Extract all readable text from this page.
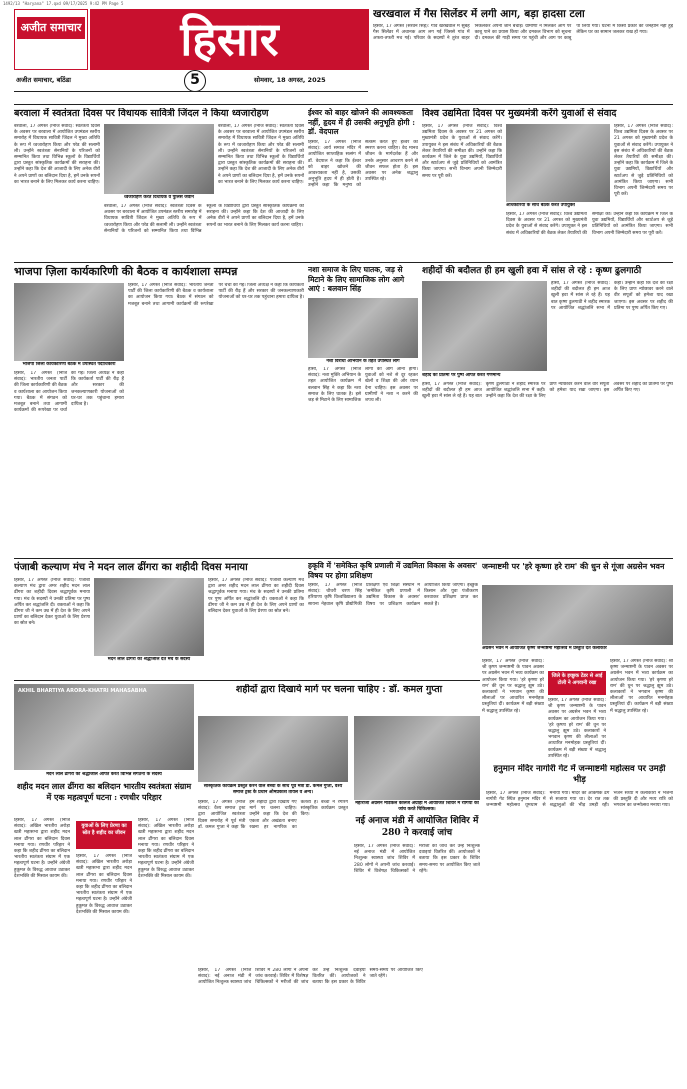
1492/13 "Haryana" 17.qxd 09/17/2025 9:42 PM Page 5
अजीत समाचार	हिसार
अजीत समाचार, बठिंडा	5	सोमवार, 18 अगस्त, 2025
खरखवाल में गैस सिलेंडर में लगी आग, बड़ा हादसा टला
हिसार, 17 अगस्त (सरवन सिंह): गांव खरखवाल में सुबह गैस सिलेंडर में अचानक आग लग गई जिससे गांव में अफरा-तफरी मच गई। परिवार के सदस्यों ने तुरंत बाहर निकलकर अपनी जान बचाई। ग्रामीणों ने मिलकर आग पर काबू पाने का प्रयास किया और दमकल विभाग को सूचना दी। दमकल की गाड़ी समय पर पहुंची और आग पर काबू पा लिया गया। घटना में किसी प्रकार की जनहानि नहीं हुई लेकिन घर का सामान जलकर राख हो गया।
बरवाला में स्वतंत्रता दिवस पर विधायक सावित्री जिंदल ने किया ध्वजारोहण
बरवाला, 17 अगस्त (निजि संवाद): स्वतंत्रता दिवस के अवसर पर बरवाला में आयोजित उपमंडल स्तरीय समारोह में विधायक सावित्री जिंदल ने मुख्य अतिथि के रूप में ध्वजारोहण किया और परेड की सलामी ली। उन्होंने स्वतंत्रता सेनानियों के परिजनों को सम्मानित किया तथा विभिन्न स्कूलों के विद्यार्थियों द्वारा प्रस्तुत सांस्कृतिक कार्यक्रमों की सराहना की। उन्होंने कहा कि देश की आजादी के लिए अनेक वीरों ने अपने प्राणों का बलिदान दिया है, हमें उनके सपनों का भारत बनाने के लिए मिलकर कार्य करना चाहिए।
ध्वजारोहण करते विधायक व पुलिस जवान
बरवाला, 17 अगस्त (निजि संवाद): स्वतंत्रता दिवस के अवसर पर बरवाला में आयोजित उपमंडल स्तरीय समारोह में विधायक सावित्री जिंदल ने मुख्य अतिथि के रूप में ध्वजारोहण किया और परेड की सलामी ली। उन्होंने स्वतंत्रता सेनानियों के परिजनों को सम्मानित किया तथा विभिन्न स्कूलों के विद्यार्थियों द्वारा प्रस्तुत सांस्कृतिक कार्यक्रमों की सराहना की। उन्होंने कहा कि देश की आजादी के लिए अनेक वीरों ने अपने प्राणों का बलिदान दिया है, हमें उनके सपनों का भारत बनाने के लिए मिलकर कार्य करना चाहिए।
बरवाला, 17 अगस्त (निजि संवाद): स्वतंत्रता दिवस के अवसर पर बरवाला में आयोजित उपमंडल स्तरीय समारोह में विधायक सावित्री जिंदल ने मुख्य अतिथि के रूप में ध्वजारोहण किया और परेड की सलामी ली। उन्होंने स्वतंत्रता सेनानियों के परिजनों को सम्मानित किया तथा विभिन्न स्कूलों के विद्यार्थियों द्वारा प्रस्तुत सांस्कृतिक कार्यक्रमों की सराहना की। उन्होंने कहा कि देश की आजादी के लिए अनेक वीरों ने अपने प्राणों का बलिदान दिया है, हमें उनके सपनों का भारत बनाने के लिए मिलकर कार्य करना चाहिए।
ईश्वर को बाहर खोजने की आवश्यकता नहीं, हृदय में ही उसकी अनुभूति होगी : डॉ. वेदपाल
हिसार, 17 अगस्त (निजि संवाद): आर्य समाज मंदिर में आयोजित साप्ताहिक सत्संग में डॉ. वेदपाल ने कहा कि ईश्वर को बाहर खोजने की आवश्यकता नहीं है, उसकी अनुभूति हृदय में ही होती है। उन्होंने कहा कि मनुष्य को सत्कर्म करते हुए ईश्वर का स्मरण करना चाहिए। वेद मानव जीवन के मार्गदर्शक हैं और उनके अनुसार आचरण करने से जीवन सफल होता है। इस अवसर पर अनेक श्रद्धालु उपस्थित रहे।
विश्व उद्यमिता दिवस पर मुख्यमंत्री करेंगे युवाओं से संवाद
हिसार, 17 अगस्त (निजि संवाद): विश्व उद्यमिता दिवस के अवसर पर 21 अगस्त को मुख्यमंत्री प्रदेश के युवाओं से संवाद करेंगे। उपायुक्त ने इस संबंध में अधिकारियों की बैठक लेकर तैयारियों की समीक्षा की। उन्होंने कहा कि कार्यक्रम में जिले के युवा उद्यमियों, विद्यार्थियों और स्टार्टअप से जुड़े प्रतिनिधियों को आमंत्रित किया जाएगा। सभी विभाग अपनी जिम्मेदारी समय पर पूरी करें।
अधिकारियों के साथ बैठक करते उपायुक्त
हिसार, 17 अगस्त (निजि संवाद): विश्व उद्यमिता दिवस के अवसर पर 21 अगस्त को मुख्यमंत्री प्रदेश के युवाओं से संवाद करेंगे। उपायुक्त ने इस संबंध में अधिकारियों की बैठक लेकर तैयारियों की समीक्षा की। उन्होंने कहा कि कार्यक्रम में जिले के युवा उद्यमियों, विद्यार्थियों और स्टार्टअप से जुड़े प्रतिनिधियों को आमंत्रित किया जाएगा। सभी विभाग अपनी जिम्मेदारी समय पर पूरी करें।
हिसार, 17 अगस्त (निजि संवाद): विश्व उद्यमिता दिवस के अवसर पर 21 अगस्त को मुख्यमंत्री प्रदेश के युवाओं से संवाद करेंगे। उपायुक्त ने इस संबंध में अधिकारियों की बैठक लेकर तैयारियों की समीक्षा की। उन्होंने कहा कि कार्यक्रम में जिले के युवा उद्यमियों, विद्यार्थियों और स्टार्टअप से जुड़े प्रतिनिधियों को आमंत्रित किया जाएगा। सभी विभाग अपनी जिम्मेदारी समय पर पूरी करें।
भाजपा ज़िला कार्यकारिणी की बैठक व कार्यशाला सम्पन्न
भाजपा जिला कार्यकारिणी बैठक में उपस्थित पदाधिकारी
हिसार, 17 अगस्त (निजि संवाद): भारतीय जनता पार्टी की जिला कार्यकारिणी की बैठक व कार्यशाला का आयोजन किया गया। बैठक में संगठन को मजबूत बनाने तथा आगामी कार्यक्रमों की रूपरेखा पर चर्चा की गई। जिला अध्यक्ष ने कहा कि कार्यकर्ता पार्टी की रीढ़ हैं और सरकार की जनकल्याणकारी योजनाओं को घर-घर तक पहुंचाना हमारा दायित्व है।
हिसार, 17 अगस्त (निजि संवाद): भारतीय जनता पार्टी की जिला कार्यकारिणी की बैठक व कार्यशाला का आयोजन किया गया। बैठक में संगठन को मजबूत बनाने तथा आगामी कार्यक्रमों की रूपरेखा पर चर्चा की गई। जिला अध्यक्ष ने कहा कि कार्यकर्ता पार्टी की रीढ़ हैं और सरकार की जनकल्याणकारी योजनाओं को घर-घर तक पहुंचाना हमारा दायित्व है।
नशा समाज के लिए घातक, जड़ से मिटाने के लिए सामाजिक लोग आगे आएं : बलवान सिंह
नशा विरोधी अभियान के तहत उपस्थित लोग
हांसी, 17 अगस्त (निजि संवाद): नशा मुक्ति अभियान के तहत आयोजित कार्यक्रम में बलवान सिंह ने कहा कि नशा समाज के लिए घातक है। इसे जड़ से मिटाने के लिए सामाजिक लोगों को आगे आना होगा। युवाओं को नशे से दूर रहकर खेलों व शिक्षा की ओर ध्यान देना चाहिए। इस अवसर पर ग्रामीणों ने नशा न करने की शपथ ली।
शहीदों की बदौलत ही हम खुली हवा में सांस ले रहे : कृष्ण ढुलगाठी
शहीद की प्रतिमा पर पुष्प अर्पित करते गणमान्य
हांसी, 17 अगस्त (निजि संवाद): शहीदों की बदौलत ही हम आज खुली हवा में सांस ले रहे हैं। यह बात कृष्ण ढुलगाठी ने शहीद स्मारक पर आयोजित श्रद्धांजलि सभा में कही। उन्होंने कहा कि देश की रक्षा के लिए प्राण न्योछावर करने वाले वीर सपूतों को हमेशा याद रखा जाएगा। इस अवसर पर शहीद की प्रतिमा पर पुष्प अर्पित किए गए।
हांसी, 17 अगस्त (निजि संवाद): शहीदों की बदौलत ही हम आज खुली हवा में सांस ले रहे हैं। यह बात कृष्ण ढुलगाठी ने शहीद स्मारक पर आयोजित श्रद्धांजलि सभा में कही। उन्होंने कहा कि देश की रक्षा के लिए प्राण न्योछावर करने वाले वीर सपूतों को हमेशा याद रखा जाएगा। इस अवसर पर शहीद की प्रतिमा पर पुष्प अर्पित किए गए।
पंजाबी कल्याण मंच ने मदन लाल ढींगरा का शहीदी दिवस मनाया
हिसार, 17 अगस्त (निजि संवाद): पंजाबी कल्याण मंच द्वारा अमर शहीद मदन लाल ढींगरा का शहीदी दिवस श्रद्धापूर्वक मनाया गया। मंच के सदस्यों ने उनकी प्रतिमा पर पुष्प अर्पित कर श्रद्धांजलि दी। वक्ताओं ने कहा कि ढींगरा जी ने कम उम्र में ही देश के लिए अपने प्राणों का बलिदान देकर युवाओं के लिए प्रेरणा का स्रोत बने।
मदन लाल ढींगरा को श्रद्धांजलि देते मंच के सदस्य
हिसार, 17 अगस्त (निजि संवाद): पंजाबी कल्याण मंच द्वारा अमर शहीद मदन लाल ढींगरा का शहीदी दिवस श्रद्धापूर्वक मनाया गया। मंच के सदस्यों ने उनकी प्रतिमा पर पुष्प अर्पित कर श्रद्धांजलि दी। वक्ताओं ने कहा कि ढींगरा जी ने कम उम्र में ही देश के लिए अपने प्राणों का बलिदान देकर युवाओं के लिए प्रेरणा का स्रोत बने।
हकृवि में 'समेकित कृषि प्रणाली में उद्यमिता विकास के अवसर' विषय पर होगा प्रशिक्षण
हिसार, 17 अगस्त (निजि संवाद): चौधरी चरण सिंह हरियाणा कृषि विश्वविद्यालय के सायना नेहवाल कृषि प्रौद्योगिकी प्रशिक्षण एवं शिक्षा संस्थान में 'समेकित कृषि प्रणाली में उद्यमिता विकास के अवसर' विषय पर प्रशिक्षण कार्यक्रम आयोजित किया जाएगा। इच्छुक किसान और युवा पंजीकरण करवाकर प्रशिक्षण प्राप्त कर सकते हैं।
जन्माष्टमी पर 'हरे कृष्णा हरे राम' की धुन से गूंजा अग्रसेन भवन
अग्रसेन भवन में आयोजित कृष्ण जन्माष्टमी महोत्सव में प्रस्तुति देते कलाकार
जिले के इच्छुक टेंडर से आई टोली ने अगवानी रखा
हिसार, 17 अगस्त (निजि संवाद): श्री कृष्ण जन्माष्टमी के पावन अवसर पर अग्रसेन भवन में भव्य कार्यक्रम का आयोजन किया गया। 'हरे कृष्णा हरे राम' की धुन पर श्रद्धालु झूम उठे। कलाकारों ने भगवान कृष्ण की लीलाओं पर आधारित मनमोहक प्रस्तुतियां दीं। कार्यक्रम में बड़ी संख्या में श्रद्धालु उपस्थित रहे।
हिसार, 17 अगस्त (निजि संवाद): श्री कृष्ण जन्माष्टमी के पावन अवसर पर अग्रसेन भवन में भव्य कार्यक्रम का आयोजन किया गया। 'हरे कृष्णा हरे राम' की धुन पर श्रद्धालु झूम उठे। कलाकारों ने भगवान कृष्ण की लीलाओं पर आधारित मनमोहक प्रस्तुतियां दीं। कार्यक्रम में बड़ी संख्या में श्रद्धालु उपस्थित रहे।
हिसार, 17 अगस्त (निजि संवाद): श्री कृष्ण जन्माष्टमी के पावन अवसर पर अग्रसेन भवन में भव्य कार्यक्रम का आयोजन किया गया। 'हरे कृष्णा हरे राम' की धुन पर श्रद्धालु झूम उठे। कलाकारों ने भगवान कृष्ण की लीलाओं पर आधारित मनमोहक प्रस्तुतियां दीं। कार्यक्रम में बड़ी संख्या में श्रद्धालु उपस्थित रहे।
AKHIL BHARTIYA ARORA-KHATRI MAHASABHA
मदन लाल ढींगरा को श्रद्धांजलि अर्पित करते विभिन्न संगठनों के सदस्य
शहीद मदन लाल ढींगरा का बलिदान भारतीय स्वतंत्रता संग्राम में एक महत्वपूर्ण घटना : रणधीर परिहार
हिसार, 17 अगस्त (निजि संवाद): अखिल भारतीय अरोड़ा खत्री महासभा द्वारा शहीद मदन लाल ढींगरा का बलिदान दिवस मनाया गया। रणधीर परिहार ने कहा कि शहीद ढींगरा का बलिदान भारतीय स्वतंत्रता संग्राम में एक महत्वपूर्ण घटना है। उन्होंने अंग्रेजी हुकूमत के विरुद्ध आवाज उठाकर देशभक्ति की मिसाल कायम की।
युवाओं के लिए प्रेरणा का स्रोत है शहीद का जीवन
हिसार, 17 अगस्त (निजि संवाद): अखिल भारतीय अरोड़ा खत्री महासभा द्वारा शहीद मदन लाल ढींगरा का बलिदान दिवस मनाया गया। रणधीर परिहार ने कहा कि शहीद ढींगरा का बलिदान भारतीय स्वतंत्रता संग्राम में एक महत्वपूर्ण घटना है। उन्होंने अंग्रेजी हुकूमत के विरुद्ध आवाज उठाकर देशभक्ति की मिसाल कायम की।
हिसार, 17 अगस्त (निजि संवाद): अखिल भारतीय अरोड़ा खत्री महासभा द्वारा शहीद मदन लाल ढींगरा का बलिदान दिवस मनाया गया। रणधीर परिहार ने कहा कि शहीद ढींगरा का बलिदान भारतीय स्वतंत्रता संग्राम में एक महत्वपूर्ण घटना है। उन्होंने अंग्रेजी हुकूमत के विरुद्ध आवाज उठाकर देशभक्ति की मिसाल कायम की।
शहीदों द्वारा दिखाये मार्ग पर चलना चाहिए : डॉ. कमल गुप्ता
सांस्कृतिक कार्यक्रम प्रस्तुत करने वाले बच्चों के साथ पूर्व मंत्री डॉ. कमल गुप्ता, वैश्य समाज ट्रस्ट के प्रधान ओमप्रकाश तायल व अन्य।
हिसार, 17 अगस्त (निजि संवाद): वैश्य समाज ट्रस्ट द्वारा आयोजित स्वतंत्रता दिवस समारोह में पूर्व मंत्री डॉ. कमल गुप्ता ने कहा कि हमें शहीदों द्वारा दिखाये गए मार्ग पर चलना चाहिए। उन्होंने कहा कि देश की एकता और अखंडता बनाए रखना हर नागरिक का कर्तव्य है। बच्चों ने रंगारंग सांस्कृतिक कार्यक्रम प्रस्तुत किए।
महाराजा अग्रसेन मेडिकल कॉलेज अग्रोहा में आयोजित शिविर में रोगियों की जांच करते चिकित्सक।
नई अनाज मंडी में आयोजित शिविर में 280 ने करवाई जांच
हिसार, 17 अगस्त (निजि संवाद): नई अनाज मंडी में आयोजित निःशुल्क स्वास्थ्य जांच शिविर में 280 लोगों ने अपनी जांच करवाई। शिविर में विशेषज्ञ चिकित्सकों ने मरीजों की जांच कर उन्हें निःशुल्क दवाइयां वितरित कीं। आयोजकों ने बताया कि इस प्रकार के शिविर समय-समय पर आयोजित किए जाते रहेंगे।
हिसार, 17 अगस्त (निजि संवाद): नई अनाज मंडी में आयोजित निःशुल्क स्वास्थ्य जांच शिविर में 280 लोगों ने अपनी जांच करवाई। शिविर में विशेषज्ञ चिकित्सकों ने मरीजों की जांच कर उन्हें निःशुल्क दवाइयां वितरित कीं। आयोजकों ने बताया कि इस प्रकार के शिविर समय-समय पर आयोजित किए जाते रहेंगे।
हनुमान मंदिर नागोरी गेट में जन्माष्टमी महोत्सव पर उमड़ी भीड़
हिसार, 17 अगस्त (निजि संवाद): नागोरी गेट स्थित हनुमान मंदिर में जन्माष्टमी महोत्सव धूमधाम से मनाया गया। मंदिर को आकर्षक ढंग से सजाया गया था। देर रात तक श्रद्धालुओं की भीड़ उमड़ी रही। भजन संध्या में कलाकारों ने भजनों की प्रस्तुति दी और मध्य रात्रि को भगवान का जन्मोत्सव मनाया गया।
